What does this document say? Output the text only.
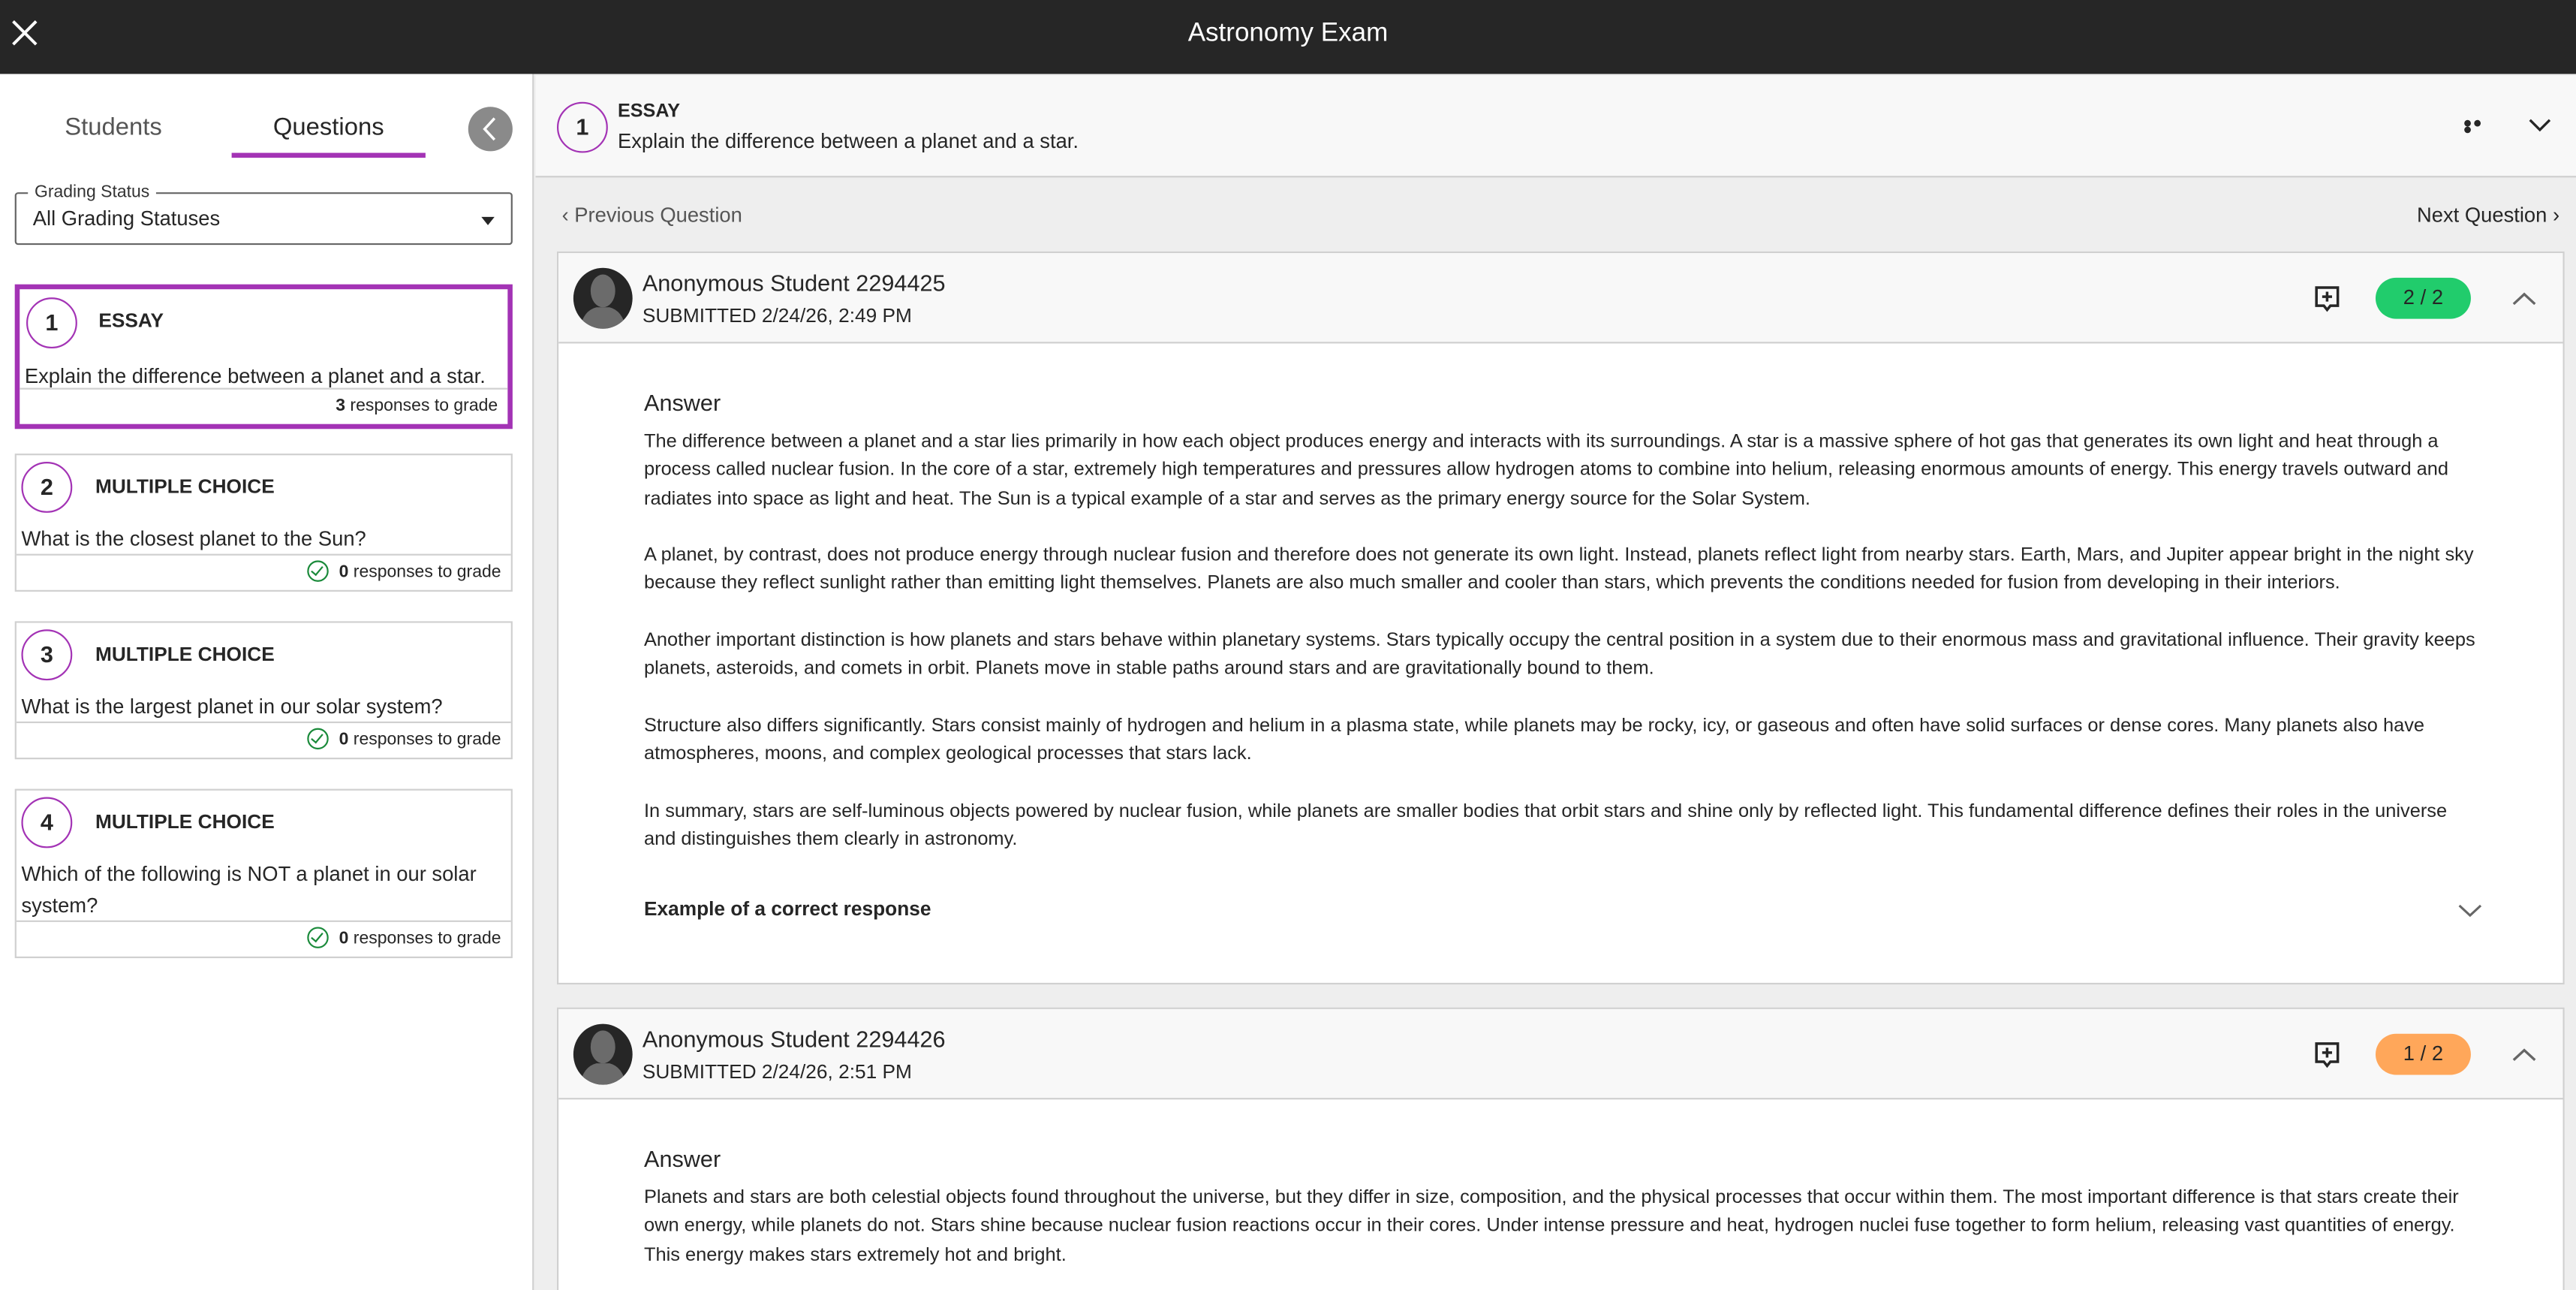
Astronomy Exam
Students	Questions
Grading Status
All Grading Statuses
1	ESSAY
Explain the difference between a planet and a star.
3 responses to grade
2	MULTIPLE CHOICE
What is the closest planet to the Sun?
0 responses to grade
3	MULTIPLE CHOICE
What is the largest planet in our solar system?
0 responses to grade
4	MULTIPLE CHOICE
Which of the following is NOT a planet in our solar system?
0 responses to grade
1
ESSAY
Explain the difference between a planet and a star.
‹ Previous Question	Next Question ›
Anonymous Student 2294425
SUBMITTED 2/24/26, 2:49 PM
2 / 2
Answer

The difference between a planet and a star lies primarily in how each object produces energy and interacts with its surroundings. A star is a massive sphere of hot gas that generates its own light and heat through a process called nuclear fusion. In the core of a star, extremely high temperatures and pressures allow hydrogen atoms to combine into helium, releasing enormous amounts of energy. This energy travels outward and radiates into space as light and heat. The Sun is a typical example of a star and serves as the primary energy source for the Solar System.

A planet, by contrast, does not produce energy through nuclear fusion and therefore does not generate its own light. Instead, planets reflect light from nearby stars. Earth, Mars, and Jupiter appear bright in the night sky because they reflect sunlight rather than emitting light themselves. Planets are also much smaller and cooler than stars, which prevents the conditions needed for fusion from developing in their interiors.

Another important distinction is how planets and stars behave within planetary systems. Stars typically occupy the central position in a system due to their enormous mass and gravitational influence. Their gravity keeps planets, asteroids, and comets in orbit. Planets move in stable paths around stars and are gravitationally bound to them.

Structure also differs significantly. Stars consist mainly of hydrogen and helium in a plasma state, while planets may be rocky, icy, or gaseous and often have solid surfaces or dense cores. Many planets also have atmospheres, moons, and complex geological processes that stars lack.

In summary, stars are self-luminous objects powered by nuclear fusion, while planets are smaller bodies that orbit stars and shine only by reflected light. This fundamental difference defines their roles in the universe and distinguishes them clearly in astronomy.

Example of a correct response
Anonymous Student 2294426
SUBMITTED 2/24/26, 2:51 PM
1 / 2
Answer

Planets and stars are both celestial objects found throughout the universe, but they differ in size, composition, and the physical processes that occur within them. The most important difference is that stars create their own energy, while planets do not. Stars shine because nuclear fusion reactions occur in their cores. Under intense pressure and heat, hydrogen nuclei fuse together to form helium, releasing vast quantities of energy. This energy makes stars extremely hot and bright.
